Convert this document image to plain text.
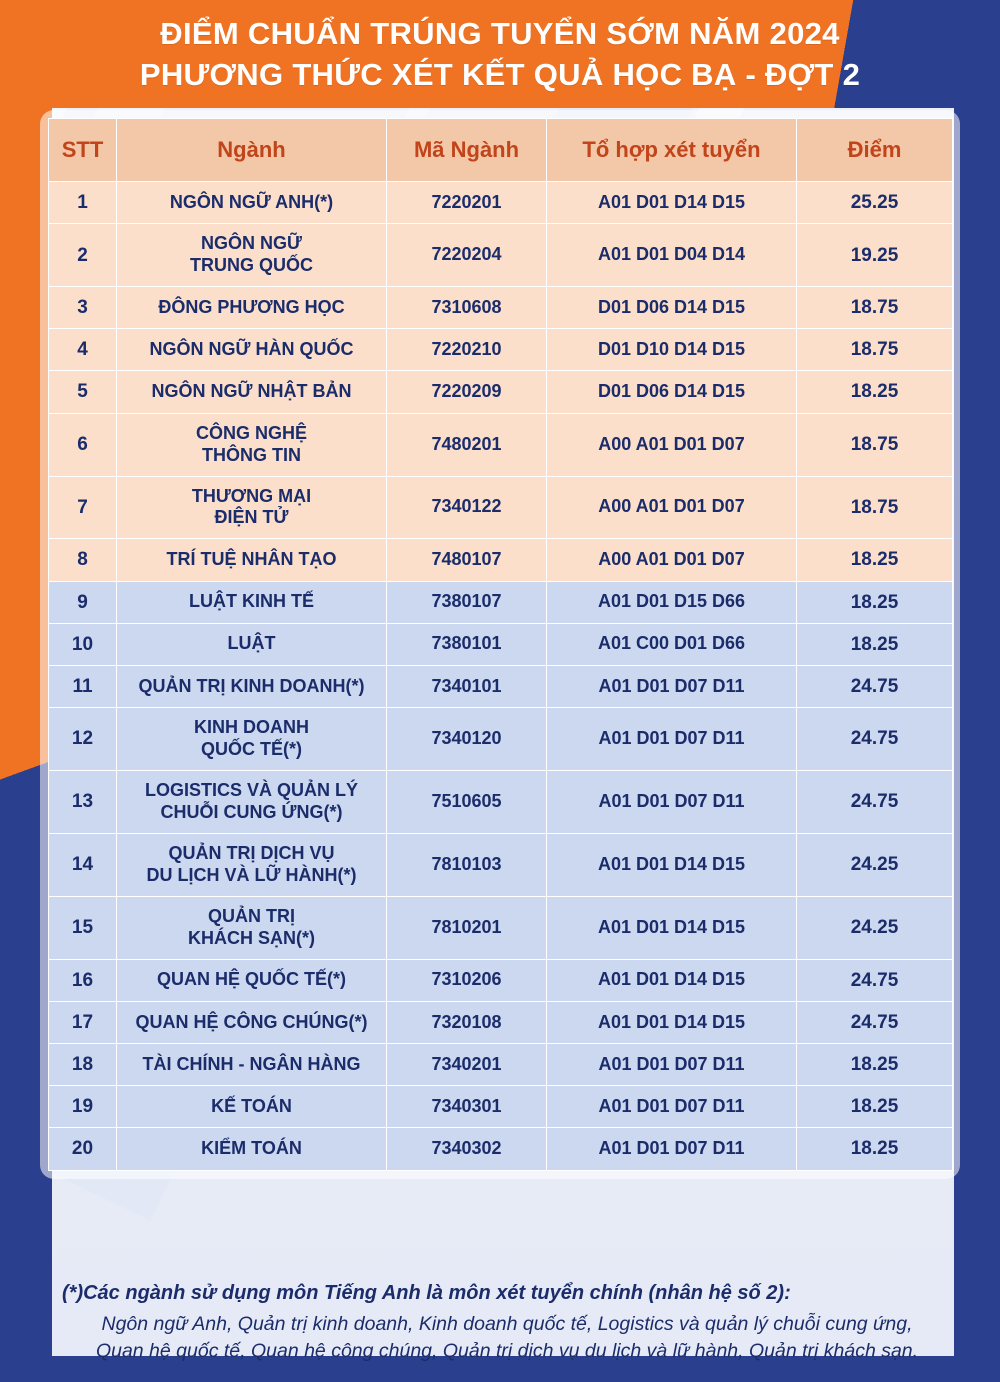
ĐIỂM CHUẨN TRÚNG TUYỂN SỚM NĂM 2024
PHƯƠNG THỨC XÉT KẾT QUẢ HỌC BẠ - ĐỢT 2
STT	Ngành	Mã Ngành	Tổ hợp xét tuyển	Điểm
1	NGÔN NGỮ ANH(*)	7220201	A01 D01 D14 D15	25.25
2	NGÔN NGỮ
TRUNG QUỐC	7220204	A01 D01 D04 D14	19.25
3	ĐÔNG PHƯƠNG HỌC	7310608	D01 D06 D14 D15	18.75
4	NGÔN NGỮ HÀN QUỐC	7220210	D01 D10 D14 D15	18.75
5	NGÔN NGỮ NHẬT BẢN	7220209	D01 D06 D14 D15	18.25
6	CÔNG NGHỆ
THÔNG TIN	7480201	A00 A01 D01 D07	18.75
7	THƯƠNG MẠI
ĐIỆN TỬ	7340122	A00 A01 D01 D07	18.75
8	TRÍ TUỆ NHÂN TẠO	7480107	A00 A01 D01 D07	18.25
9	LUẬT KINH TẾ	7380107	A01 D01 D15 D66	18.25
10	LUẬT	7380101	A01 C00 D01 D66	18.25
11	QUẢN TRỊ KINH DOANH(*)	7340101	A01 D01 D07 D11	24.75
12	KINH DOANH
QUỐC TẾ(*)	7340120	A01 D01 D07 D11	24.75
13	LOGISTICS VÀ QUẢN LÝ
CHUỖI CUNG ỨNG(*)	7510605	A01 D01 D07 D11	24.75
14	QUẢN TRỊ DỊCH VỤ
DU LỊCH VÀ LỮ HÀNH(*)	7810103	A01 D01 D14 D15	24.25
15	QUẢN TRỊ
KHÁCH SẠN(*)	7810201	A01 D01 D14 D15	24.25
16	QUAN HỆ QUỐC TẾ(*)	7310206	A01 D01 D14 D15	24.75
17	QUAN HỆ CÔNG CHÚNG(*)	7320108	A01 D01 D14 D15	24.75
18	TÀI CHÍNH - NGÂN HÀNG	7340201	A01 D01 D07 D11	18.25
19	KẾ TOÁN	7340301	A01 D01 D07 D11	18.25
20	KIỂM TOÁN	7340302	A01 D01 D07 D11	18.25
(*)Các ngành sử dụng môn Tiếng Anh là môn xét tuyển chính (nhân hệ số 2):
Ngôn ngữ Anh, Quản trị kinh doanh, Kinh doanh quốc tế, Logistics và quản lý chuỗi cung ứng,
Quan hệ quốc tế, Quan hệ công chúng, Quản trị dịch vụ du lịch và lữ hành, Quản trị khách sạn.
